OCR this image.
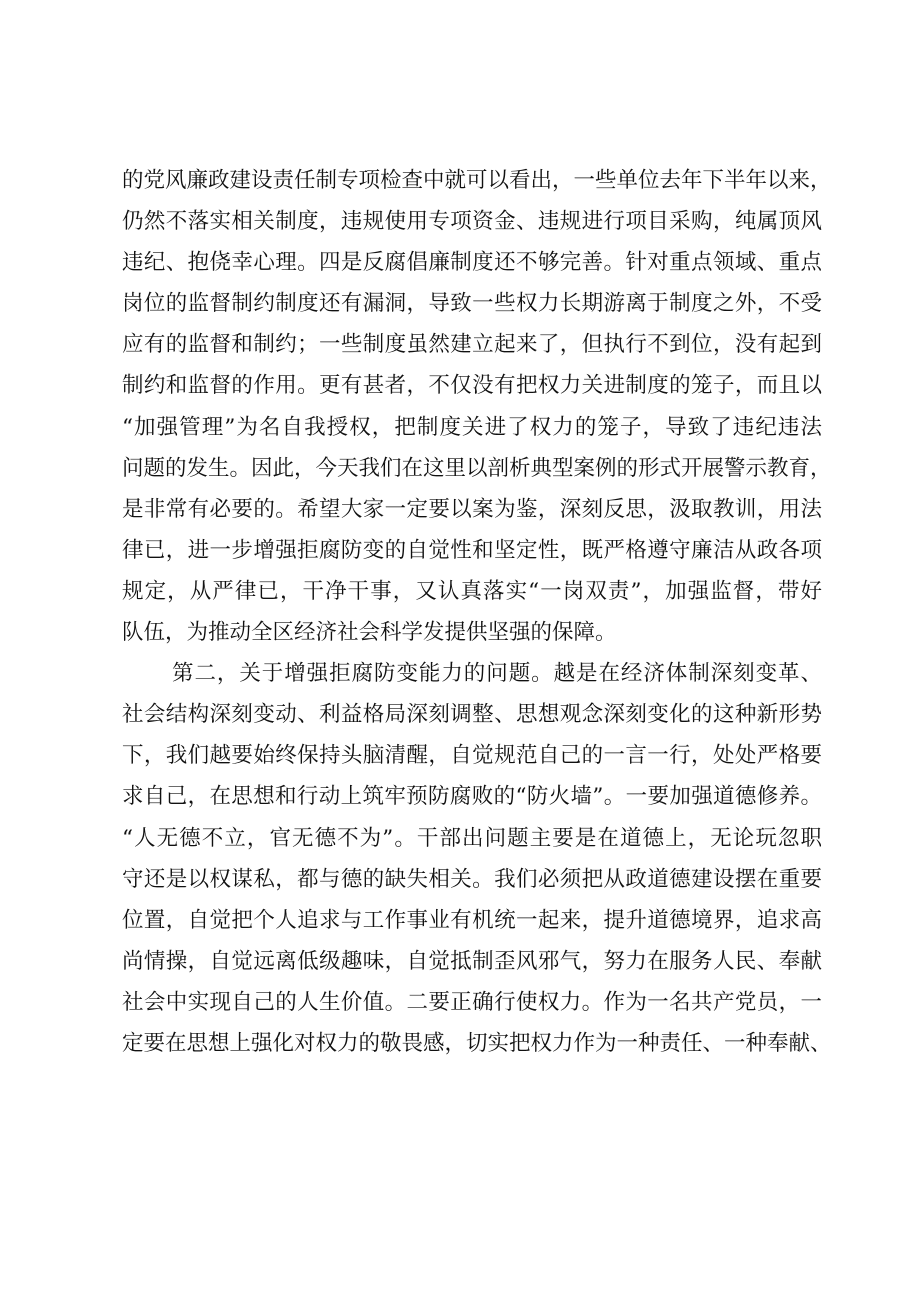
的党风廉政建设责任制专项检查中就可以看出，一些单位去年下半年以来，
仍然不落实相关制度，违规使用专项资金、违规进行项目采购，纯属顶风
违纪、抱侥幸心理。四是反腐倡廉制度还不够完善。针对重点领域、重点
岗位的监督制约制度还有漏洞，导致一些权力长期游离于制度之外，不受
应有的监督和制约；一些制度虽然建立起来了，但执行不到位，没有起到
制约和监督的作用。更有甚者，不仅没有把权力关进制度的笼子，而且以
“加强管理”为名自我授权，把制度关进了权力的笼子，导致了违纪违法
问题的发生。因此，今天我们在这里以剖析典型案例的形式开展警示教育，
是非常有必要的。希望大家一定要以案为鉴，深刻反思，汲取教训，用法
律已，进一步增强拒腐防变的自觉性和坚定性，既严格遵守廉洁从政各项
规定，从严律已，干净干事，又认真落实“一岗双责”，加强监督，带好
队伍，为推动全区经济社会科学发提供坚强的保障。
第二，关于增强拒腐防变能力的问题。越是在经济体制深刻变革、
社会结构深刻变动、利益格局深刻调整、思想观念深刻变化的这种新形势
下，我们越要始终保持头脑清醒，自觉规范自己的一言一行，处处严格要
求自己，在思想和行动上筑牢预防腐败的“防火墙”。一要加强道德修养。
“人无德不立，官无德不为”。干部出问题主要是在道德上，无论玩忽职
守还是以权谋私，都与德的缺失相关。我们必须把从政道德建设摆在重要
位置，自觉把个人追求与工作事业有机统一起来，提升道德境界，追求高
尚情操，自觉远离低级趣味，自觉抵制歪风邪气，努力在服务人民、奉献
社会中实现自己的人生价值。二要正确行使权力。作为一名共产党员，一
定要在思想上强化对权力的敬畏感，切实把权力作为一种责任、一种奉献、
